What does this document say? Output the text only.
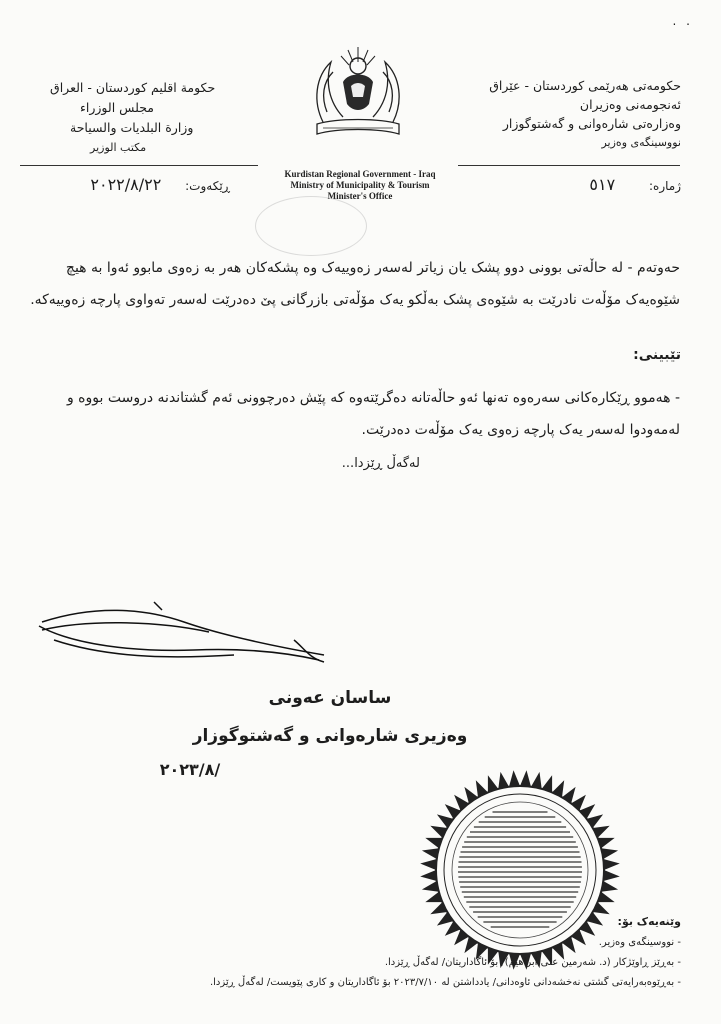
. .
حکومەتی هەرێمی کوردستان - عێراق
ئەنجومەنی وەزیران
وەزارەتی شارەوانی و گەشتوگوزار
نووسینگەی وەزیر
حكومة اقليم كوردستان - العراق
مجلس الوزراء
وزارة البلديات والسياحة
مكتب الوزير
Kurdistan Regional Government - Iraq
Ministry of Municipality & Tourism
Minister's Office
ژمارە: ٥١٧
ڕێکەوت: ٢٠٢٢/٨/٢٢
حەوتەم - لە حاڵەتی بوونی دوو پشک یان زیاتر لەسەر زەوییەک وە پشکەکان هەر بە زەوی مابوو ئەوا بە هیچ شێوەیەک مۆڵەت نادرێت بە شێوەی پشک بەڵکو یەک مۆڵەتی بازرگانی پێ دەدرێت لەسەر تەواوی پارچە زەوییەکە.
تێبینی:
- هەموو ڕێکارەکانی سەرەوە تەنها ئەو حاڵەتانە دەگرێتەوە کە پێش دەرچوونی ئەم گشتاندنە دروست بووە و لەمەودوا لەسەر یەک پارچە زەوی یەک مۆڵەت دەدرێت.
لەگەڵ ڕێزدا...
ساسان عەونی
وەزیری شارەوانی و گەشتوگوزار
٢٠٢٣/٨/
وێنەیەک بۆ:
- نووسینگەی وەزیر.
- بەڕێز ڕاوێژکار (د. شەرمین علی ابراهیم)/ بۆ ئاگاداریتان/ لەگەڵ ڕێزدا.
- بەڕێوەبەرایەتی گشتی نەخشەدانی ئاوەدانی/ یادداشتن لە ٢٠٢٣/٧/١٠ بۆ ئاگاداریتان و کاری پێویست/ لەگەڵ ڕێزدا.
